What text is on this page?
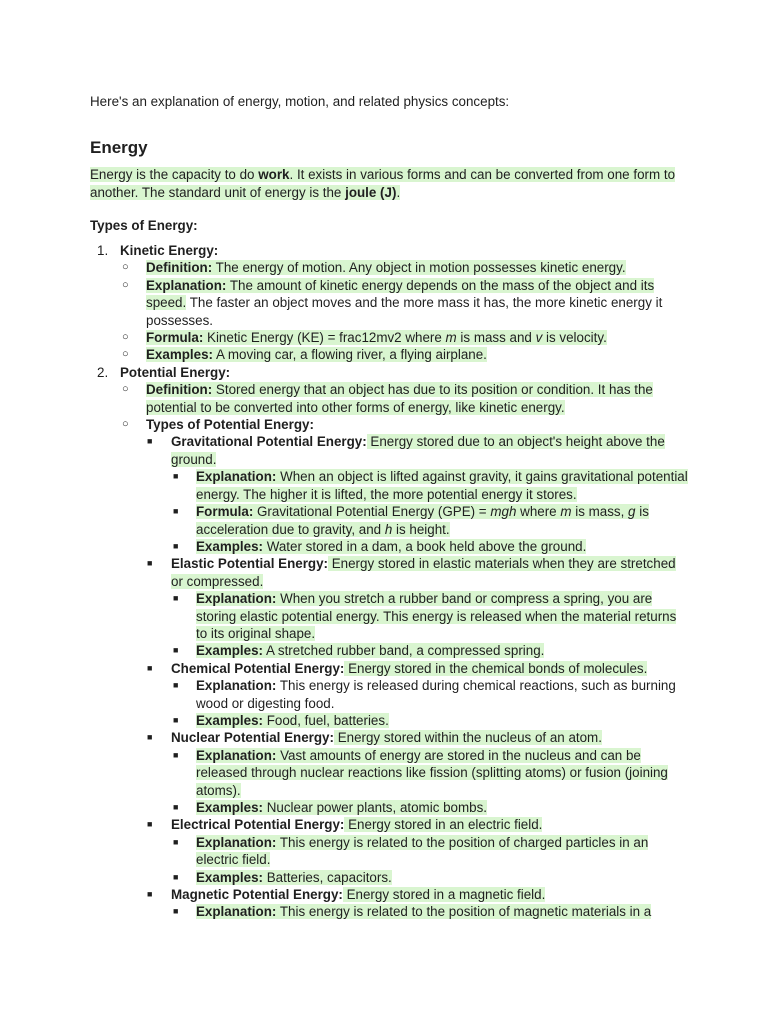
Here's an explanation of energy, motion, and related physics concepts:

Energy

Energy is the capacity to do work. It exists in various forms and can be converted from one form to another. The standard unit of energy is the joule (J).

Types of Energy:

1. Kinetic Energy:
○ Definition: The energy of motion. Any object in motion possesses kinetic energy.
○ Explanation: The amount of kinetic energy depends on the mass of the object and its speed. The faster an object moves and the more mass it has, the more kinetic energy it possesses.
○ Formula: Kinetic Energy (KE) = frac12mv2 where m is mass and v is velocity.
○ Examples: A moving car, a flowing river, a flying airplane.
2. Potential Energy:
○ Definition: Stored energy that an object has due to its position or condition. It has the potential to be converted into other forms of energy, like kinetic energy.
○ Types of Potential Energy:
■ Gravitational Potential Energy: Energy stored due to an object's height above the ground.
■ Explanation: When an object is lifted against gravity, it gains gravitational potential energy. The higher it is lifted, the more potential energy it stores.
■ Formula: Gravitational Potential Energy (GPE) = mgh where m is mass, g is acceleration due to gravity, and h is height.
■ Examples: Water stored in a dam, a book held above the ground.
■ Elastic Potential Energy: Energy stored in elastic materials when they are stretched or compressed.
■ Explanation: When you stretch a rubber band or compress a spring, you are storing elastic potential energy. This energy is released when the material returns to its original shape.
■ Examples: A stretched rubber band, a compressed spring.
■ Chemical Potential Energy: Energy stored in the chemical bonds of molecules.
■ Explanation: This energy is released during chemical reactions, such as burning wood or digesting food.
■ Examples: Food, fuel, batteries.
■ Nuclear Potential Energy: Energy stored within the nucleus of an atom.
■ Explanation: Vast amounts of energy are stored in the nucleus and can be released through nuclear reactions like fission (splitting atoms) or fusion (joining atoms).
■ Examples: Nuclear power plants, atomic bombs.
■ Electrical Potential Energy: Energy stored in an electric field.
■ Explanation: This energy is related to the position of charged particles in an electric field.
■ Examples: Batteries, capacitors.
■ Magnetic Potential Energy: Energy stored in a magnetic field.
■ Explanation: This energy is related to the position of magnetic materials in a
